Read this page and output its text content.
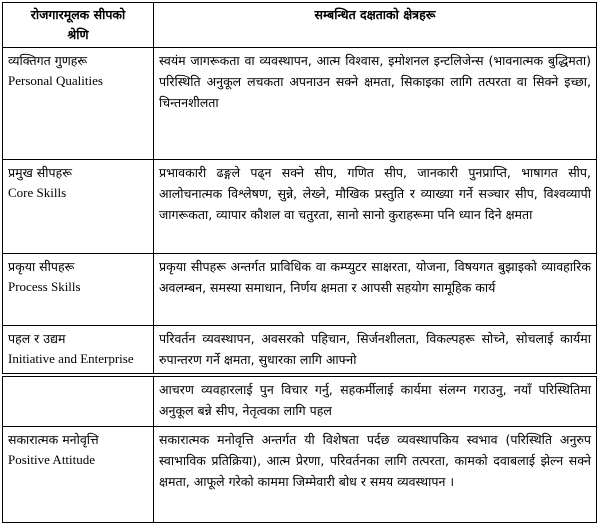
रोजगारमूलक सीपको
श्रेणि	सम्बन्धित दक्षताको क्षेत्रहरू

व्यक्तिगत गुणहरू
Personal Qualities	स्वयंम जागरूकता वा व्यवस्थापन, आत्म विश्वास, इमोशनल इन्टलिजेन्स (भावनात्मक बुद्धिमता) परिस्थिति अनुकूल लचकता अपनाउन सक्ने क्षमता, सिकाइका लागि तत्परता वा सिक्ने इच्छा, चिन्तनशीलता

प्रमुख सीपहरू
Core Skills	प्रभावकारी ढङ्गले पढ्न सक्ने सीप, गणित सीप, जानकारी पुनप्राप्ति, भाषागत सीप, आलोचनात्मक विश्लेषण, सुन्ने, लेख्ने, मौखिक प्रस्तुति र व्याख्या गर्ने सञ्चार सीप, विश्वव्यापी जागरूकता, व्यापार कौशल वा चतुरता, सानो सानो कुराहरूमा पनि ध्यान दिने क्षमता

प्रकृया सीपहरू
Process Skills	प्रकृया सीपहरू अन्तर्गत प्राविधिक वा कम्प्युटर साक्षरता, योजना, विषयगत बुझाइको व्यावहारिक अवलम्बन, समस्या समाधान, निर्णय क्षमता र आपसी सहयोग सामूहिक कार्य

पहल र उद्यम
Initiative and Enterprise	परिवर्तन व्यवस्थापन, अवसरको पहिचान, सिर्जनशीलता, विकल्पहरू सोच्ने, सोचलाई कार्यमा रुपान्तरण गर्ने क्षमता, सुधारका लागि आफ्नो
	आचरण व्यवहारलाई पुन विचार गर्नु, सहकर्मीलाई कार्यमा संलग्न गराउनु, नयाँ परिस्थितिमा अनुकूल बन्ने सीप, नेतृत्वका लागि पहल

सकारात्मक मनोवृत्ति
Positive Attitude	सकारात्मक मनोवृत्ति अन्तर्गत यी विशेषता पर्दछ व्यवस्थापकिय स्वभाव (परिस्थिति अनुरुप स्वाभाविक प्रतिक्रिया), आत्म प्रेरणा, परिवर्तनका लागि तत्परता, कामको दवाबलाई झेल्न सक्ने क्षमता, आफूले गरेको काममा जिम्मेवारी बोध र समय व्यवस्थापन ।
